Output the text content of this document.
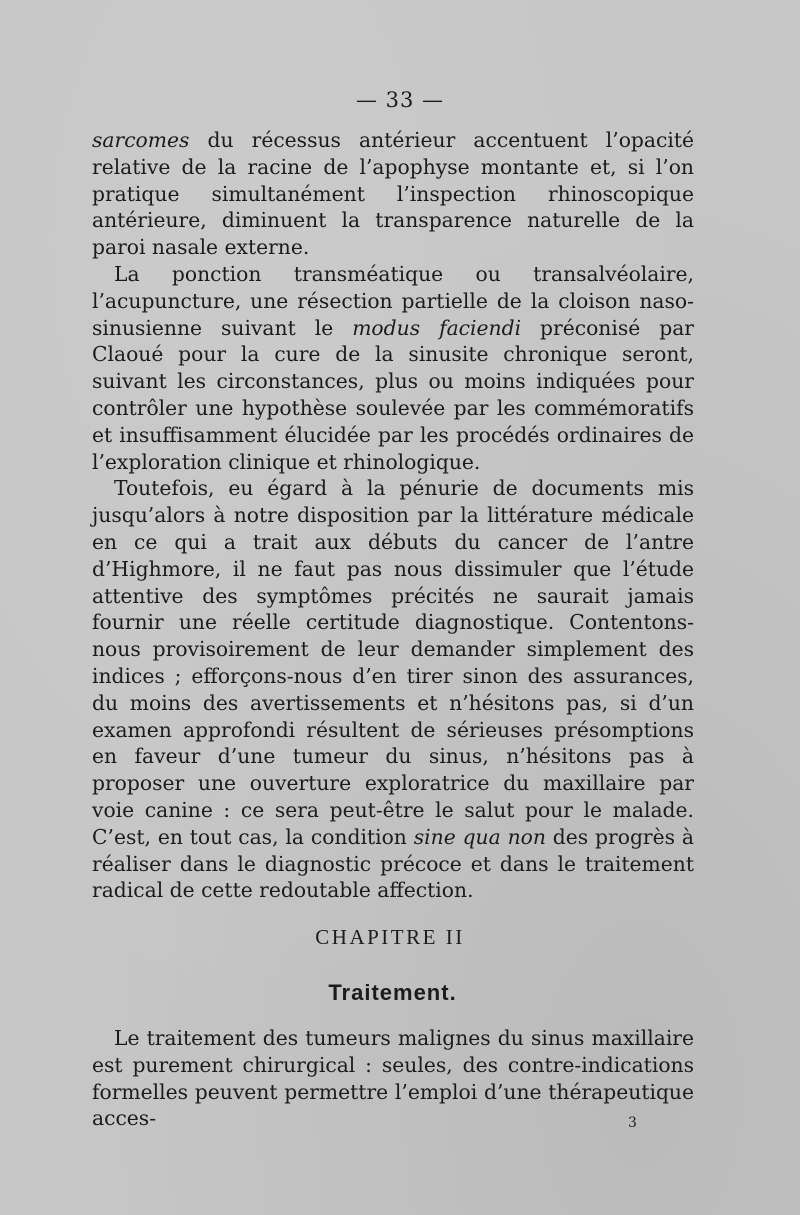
— 33 —

sarcomes du récessus antérieur accentuent l’opacité relative de la racine de l’apophyse montante et, si l’on pratique simultanément l’inspection rhinoscopique antérieure, diminuent la transparence naturelle de la paroi nasale externe.

La ponction transméatique ou transalvéolaire, l’acupuncture, une résection partielle de la cloison naso-sinusienne suivant le modus faciendi préconisé par Claoué pour la cure de la sinusite chronique seront, suivant les circonstances, plus ou moins indiquées pour contrôler une hypothèse soulevée par les commémoratifs et insuffisamment élucidée par les procédés ordinaires de l’exploration clinique et rhinologique.

Toutefois, eu égard à la pénurie de documents mis jusqu’alors à notre disposition par la littérature médicale en ce qui a trait aux débuts du cancer de l’antre d’Highmore, il ne faut pas nous dissimuler que l’étude attentive des symptômes précités ne saurait jamais fournir une réelle certitude diagnostique. Contentons-nous provisoirement de leur demander simplement des indices ; efforçons-nous d’en tirer sinon des assurances, du moins des avertissements et n’hésitons pas, si d’un examen approfondi résultent de sérieuses présomptions en faveur d’une tumeur du sinus, n’hésitons pas à proposer une ouverture exploratrice du maxillaire par voie canine : ce sera peut-être le salut pour le malade. C’est, en tout cas, la condition sine qua non des progrès à réaliser dans le diagnostic précoce et dans le traitement radical de cette redoutable affection.

CHAPITRE II
Traitement.

Le traitement des tumeurs malignes du sinus maxillaire est purement chirurgical : seules, des contre-indications formelles peuvent permettre l’emploi d’une thérapeutique acces-	3
